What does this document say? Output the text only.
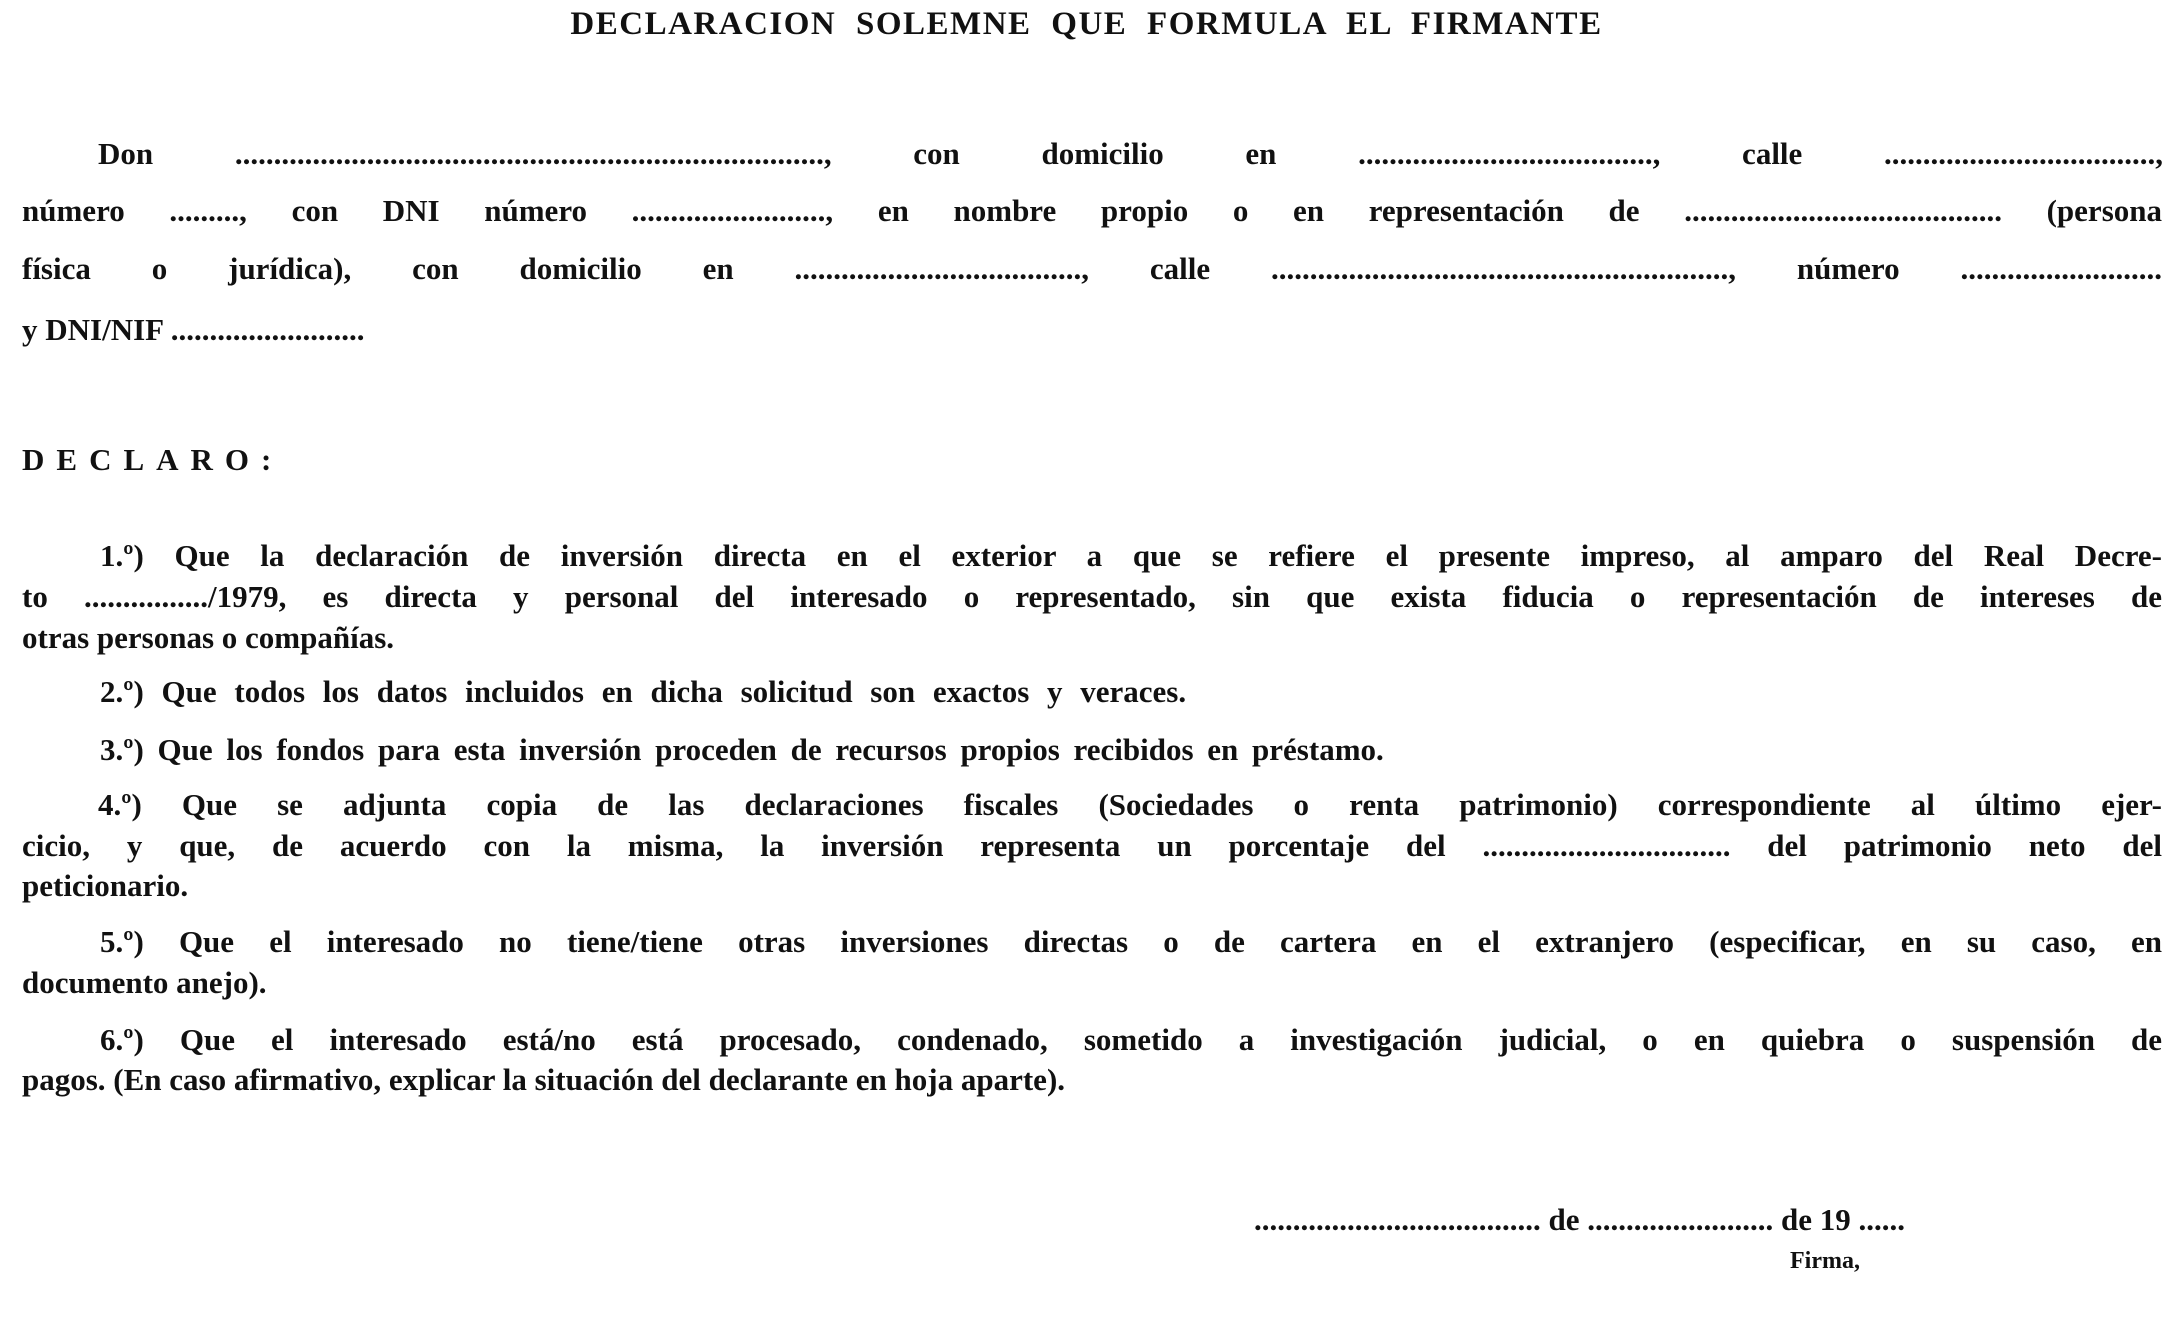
DECLARACION SOLEMNE QUE FORMULA EL FIRMANTE
Don ............................................................................, con domicilio en ......................................, calle ...................................,
número ........., con DNI número ........................., en nombre propio o en representación de ......................................... (persona
física o jurídica), con domicilio en ....................................., calle ..........................................................., número ..........................
y DNI/NIF .........................
DECLARO:
1.º) Que la declaración de inversión directa en el exterior a que se refiere el presente impreso, al amparo del Real Decre-
to ................/1979, es directa y personal del interesado o representado, sin que exista fiducia o representación de intereses de
otras personas o compañías.
2.º) Que todos los datos incluidos en dicha solicitud son exactos y veraces.
3.º) Que los fondos para esta inversión proceden de recursos propios recibidos en préstamo.
4.º) Que se adjunta copia de las declaraciones fiscales (Sociedades o renta patrimonio) correspondiente al último ejer-
cicio, y que, de acuerdo con la misma, la inversión representa un porcentaje del ................................ del patrimonio neto del
peticionario.
5.º) Que el interesado no tiene/tiene otras inversiones directas o de cartera en el extranjero (especificar, en su caso, en
documento anejo).
6.º) Que el interesado está/no está procesado, condenado, sometido a investigación judicial, o en quiebra o suspensión de
pagos. (En caso afirmativo, explicar la situación del declarante en hoja aparte).
..................................... de ........................ de 19 ......
Firma,
